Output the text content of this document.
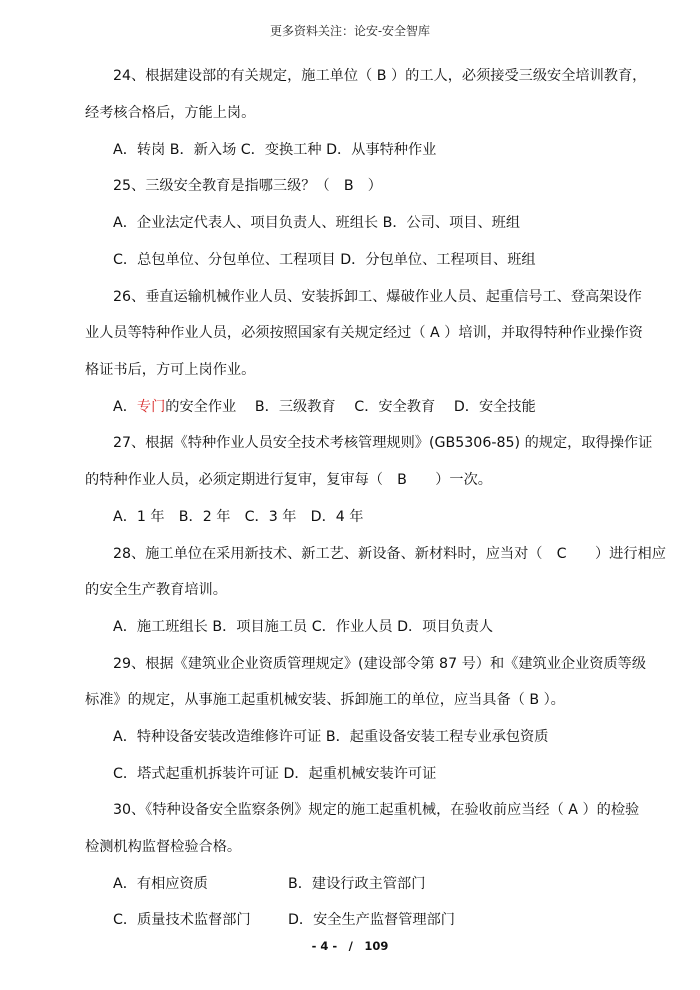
更多资料关注：论安-安全智库
24、根据建设部的有关规定，施工单位（ B ）的工人，必须接受三级安全培训教育，
经考核合格后，方能上岗。
A．转岗 B．新入场 C．变换工种 D．从事特种作业
25、三级安全教育是指哪三级？（　B　）
A．企业法定代表人、项目负责人、班组长 B．公司、项目、班组
C．总包单位、分包单位、工程项目 D．分包单位、工程项目、班组
26、垂直运输机械作业人员、安装拆卸工、爆破作业人员、起重信号工、登高架设作
业人员等特种作业人员，必须按照国家有关规定经过（ A ）培训，并取得特种作业操作资
格证书后，方可上岗作业。
A．专门的安全作业　 B．三级教育　 C．安全教育　 D．安全技能
27、根据《特种作业人员安全技术考核管理规则》(GB5306-85) 的规定，取得操作证
的特种作业人员，必须定期进行复审，复审每（　B　　）一次。
A．1 年　B．2 年　C．3 年　D．4 年
28、施工单位在采用新技术、新工艺、新设备、新材料时，应当对（　C　　）进行相应
的安全生产教育培训。
A．施工班组长 B．项目施工员 C．作业人员 D．项目负责人
29、根据《建筑业企业资质管理规定》(建设部令第 87 号）和《建筑业企业资质等级
标准》的规定，从事施工起重机械安装、拆卸施工的单位，应当具备（ B ）。
A．特种设备安装改造维修许可证 B．起重设备安装工程专业承包资质
C．塔式起重机拆装许可证 D．起重机械安装许可证
30、《特种设备安全监察条例》规定的施工起重机械，在验收前应当经（ A ）的检验
检测机构监督检验合格。
A．有相应资质	B．建设行政主管部门
C．质量技术监督部门	D．安全生产监督管理部门
- 4 -　/　109
